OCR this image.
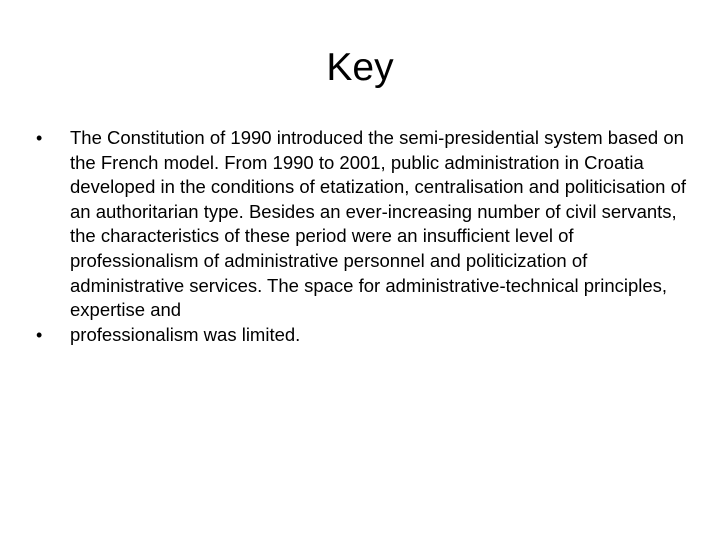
Key
•	The Constitution of 1990 introduced the semi-presidential system based on the French model. From 1990 to 2001, public administration in Croatia developed in the conditions of etatization, centralisation and politicisation of an authoritarian type. Besides an ever-increasing number of civil servants, the characteristics of these period were an insufficient level of professionalism of administrative personnel and politicization of administrative services. The space for administrative-technical principles, expertise and
•	professionalism was limited.
